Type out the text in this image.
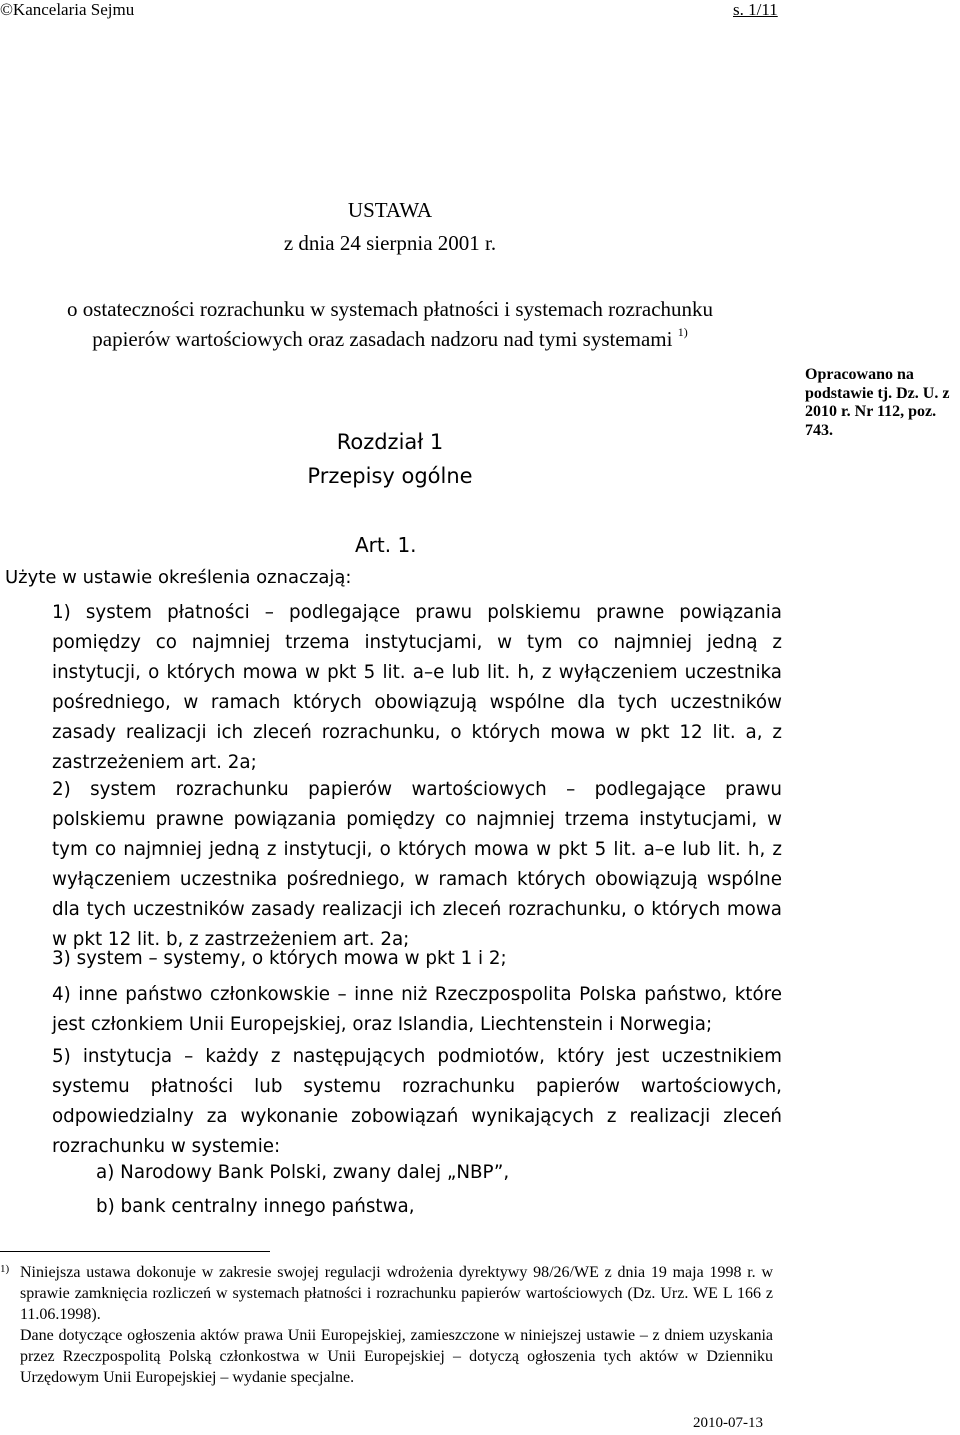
©Kancelaria Sejmu	s. 1/11
USTAWA
z dnia 24 sierpnia 2001 r.
o ostateczności rozrachunku w systemach płatności i systemach rozrachunku
papierów wartościowych oraz zasadach nadzoru nad tymi systemami $^{1)}$
Opracowano na podstawie tj. Dz. U. z 2010 r. Nr 112, poz. 743.
Rozdział 1
Przepisy ogólne
Art. 1.
Użyte w ustawie określenia oznaczają:
1) system płatności – podlegające prawu polskiemu prawne powiązania pomiędzy co najmniej trzema instytucjami, w tym co najmniej jedną z instytucji, o których mowa w pkt 5 lit. a–e lub lit. h, z wyłączeniem uczestnika pośredniego, w ramach których obowiązują wspólne dla tych uczestników zasady realizacji ich zleceń rozrachunku, o których mowa w pkt 12 lit. a, z zastrzeżeniem art. 2a;
2) system rozrachunku papierów wartościowych – podlegające prawu polskiemu prawne powiązania pomiędzy co najmniej trzema instytucjami, w tym co najmniej jedną z instytucji, o których mowa w pkt 5 lit. a–e lub lit. h, z wyłączeniem uczestnika pośredniego, w ramach których obowiązują wspólne dla tych uczestników zasady realizacji ich zleceń rozrachunku, o których mowa w pkt 12 lit. b, z zastrzeżeniem art. 2a;
3) system – systemy, o których mowa w pkt 1 i 2;
4) inne państwo członkowskie – inne niż Rzeczpospolita Polska państwo, które jest członkiem Unii Europejskiej, oraz Islandia, Liechtenstein i Norwegia;
5) instytucja – każdy z następujących podmiotów, który jest uczestnikiem systemu płatności lub systemu rozrachunku papierów wartościowych, odpowiedzialny za wykonanie zobowiązań wynikających z realizacji zleceń rozrachunku w systemie:
a) Narodowy Bank Polski, zwany dalej „NBP”,
b) bank centralny innego państwa,
1) Niniejsza ustawa dokonuje w zakresie swojej regulacji wdrożenia dyrektywy 98/26/WE z dnia 19 maja 1998 r. w sprawie zamknięcia rozliczeń w systemach płatności i rozrachunku papierów wartościowych (Dz. Urz. WE L 166 z 11.06.1998).

Dane dotyczące ogłoszenia aktów prawa Unii Europejskiej, zamieszczone w niniejszej ustawie – z dniem uzyskania przez Rzeczpospolitą Polską członkostwa w Unii Europejskiej – dotyczą ogłoszenia tych aktów w Dzienniku Urzędowym Unii Europejskiej – wydanie specjalne.

2010-07-13
